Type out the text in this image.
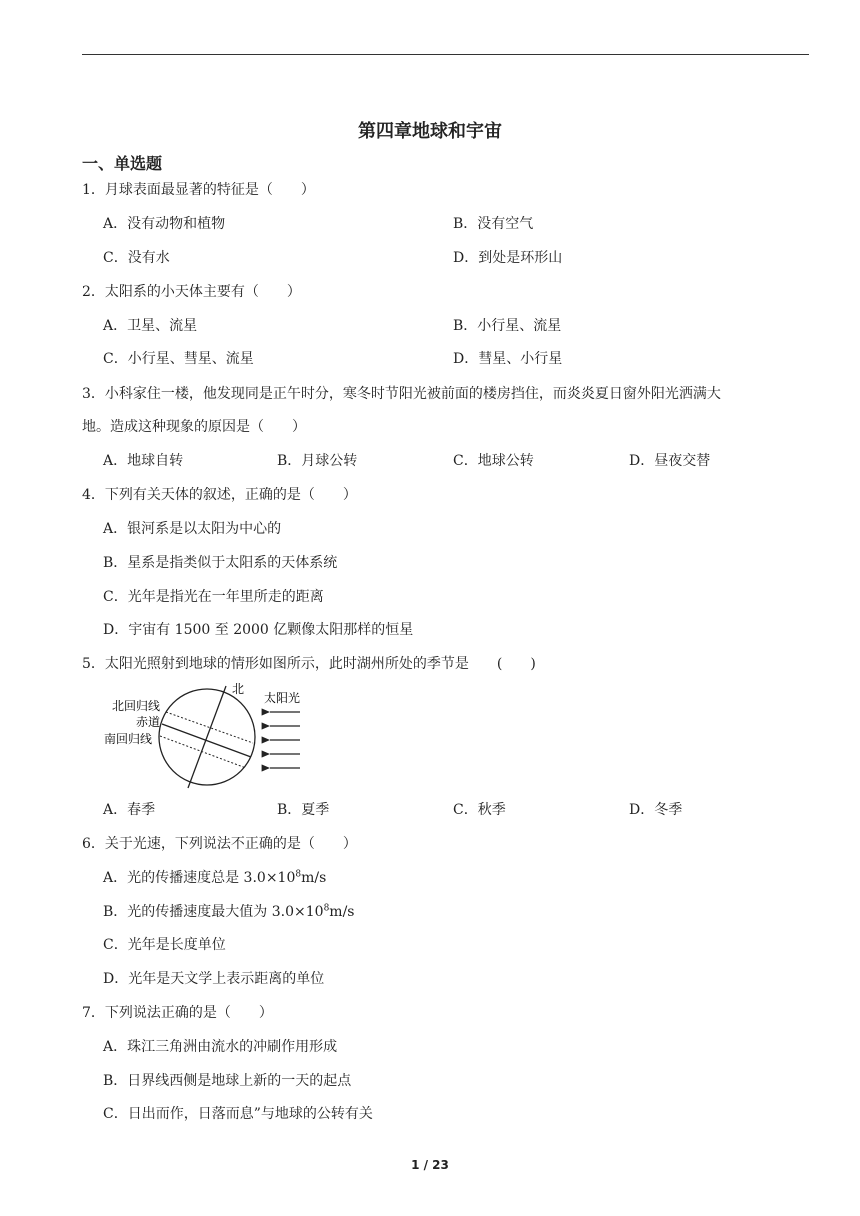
第四章地球和宇宙
一、单选题
1．月球表面最显著的特征是（　　）
A．没有动物和植物	B．没有空气
C．没有水	D．到处是环形山
2．太阳系的小天体主要有（　　）
A．卫星、流星	B．小行星、流星
C．小行星、彗星、流星	D．彗星、小行星
3．小科家住一楼，他发现同是正午时分，寒冬时节阳光被前面的楼房挡住，而炎炎夏日窗外阳光洒满大
地。造成这种现象的原因是（　　）
A．地球自转	B．月球公转	C．地球公转	D．昼夜交替
4．下列有关天体的叙述，正确的是（　　）
A．银河系是以太阳为中心的
B．星系是指类似于太阳系的天体系统
C．光年是指光在一年里所走的距离
D．宇宙有 1500 至 2000 亿颗像太阳那样的恒星
5．太阳光照射到地球的情形如图所示，此时湖州所处的季节是　　(　　)
北
太阳光
北回归线
赤道
南回归线
A．春季	B．夏季	C．秋季	D．冬季
6．关于光速，下列说法不正确的是（　　）
A．光的传播速度总是 $3.0\times 10^8m/s$
B．光的传播速度最大值为 $3.0\times 10^8m/s$
C．光年是长度单位
D．光年是天文学上表示距离的单位
7．下列说法正确的是（　　）
A．珠江三角洲由流水的冲刷作用形成
B．日界线西侧是地球上新的一天的起点
C．日出而作，日落而息”与地球的公转有关
1 / 23
